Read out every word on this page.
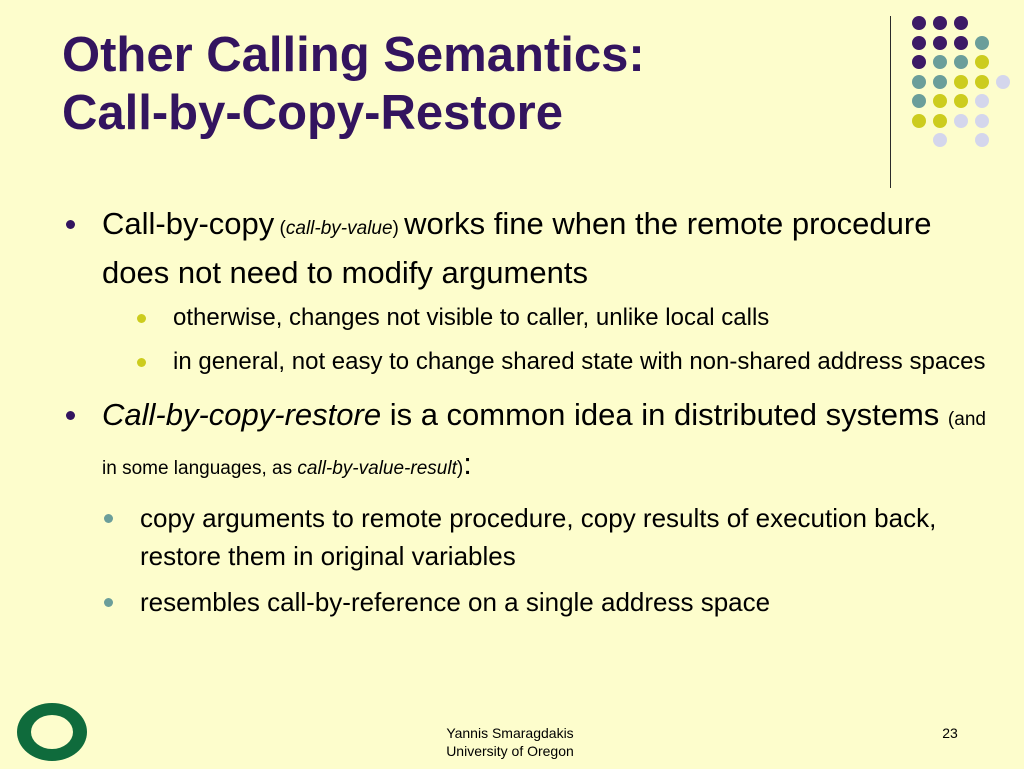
Other Calling Semantics:
Call-by-Copy-Restore
Call-by-copy (call-by-value) works fine when the remote procedure does not need to modify arguments
otherwise, changes not visible to caller, unlike local calls
in general, not easy to change shared state with non-shared address spaces
Call-by-copy-restore is a common idea in distributed systems (and in some languages, as call-by-value-result):
copy arguments to remote procedure, copy results of execution back, restore them in original variables
resembles call-by-reference on a single address space
Yannis Smaragdakis
University of Oregon
23
